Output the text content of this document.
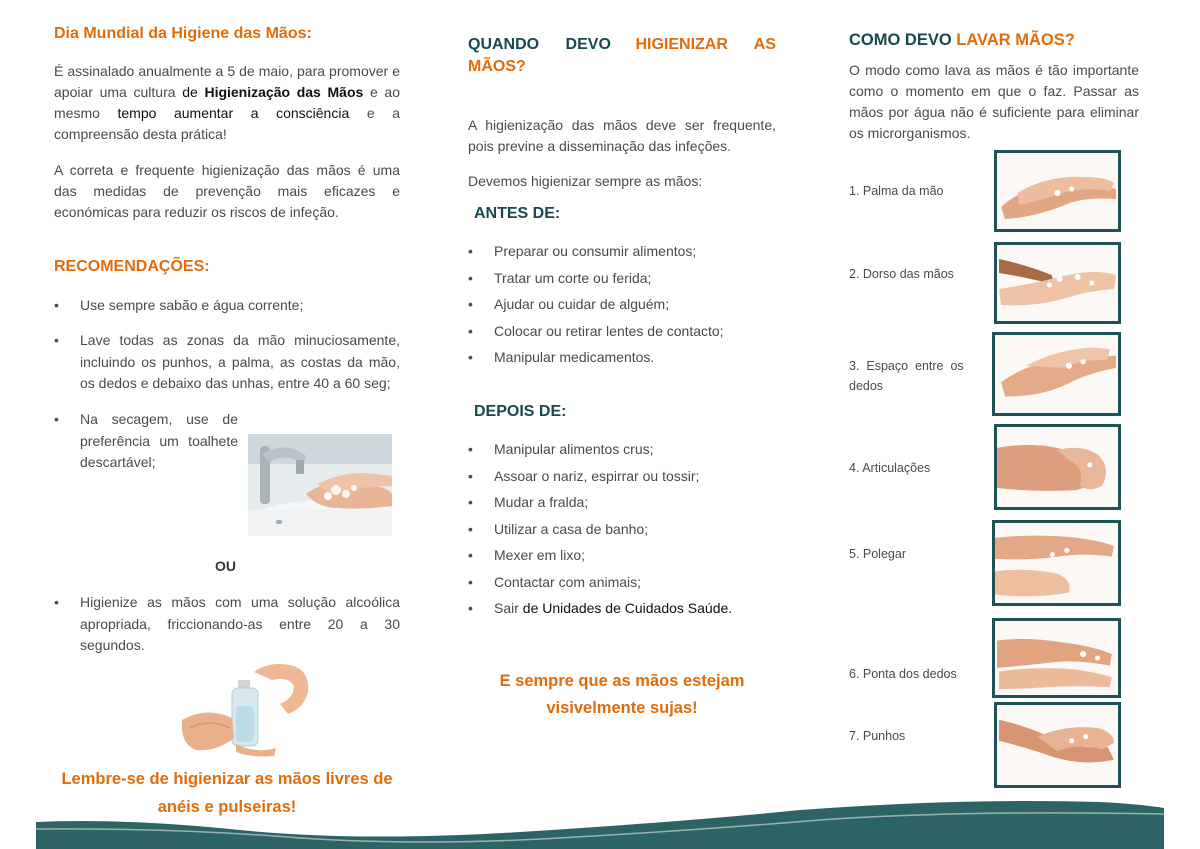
Dia Mundial da Higiene das Mãos:
É assinalado anualmente a 5 de maio, para promover e apoiar uma cultura de Higienização das Mãos e ao mesmo tempo aumentar a consciência e a compreensão desta prática!
A correta e frequente higienização das mãos é uma das medidas de prevenção mais eficazes e económicas para reduzir os riscos de infeção.
RECOMENDAÇÕES:
• Use sempre sabão e água corrente;
• Lave todas as zonas da mão minuciosamente, incluindo os punhos, a palma, as costas da mão, os dedos e debaixo das unhas, entre 40 a 60 seg;
• Na secagem, use de preferência um toalhete descartável;
OU
• Higienize as mãos com uma solução alcoólica apropriada, friccionando-as entre 20 a 30 segundos.
Lembre-se de higienizar as mãos livres de
anéis e pulseiras!
QUANDO DEVO HIGIENIZAR AS
MÃOS?
A higienização das mãos deve ser frequente, pois previne a disseminação das infeções.
Devemos higienizar sempre as mãos:
ANTES DE:
• Preparar ou consumir alimentos;
• Tratar um corte ou ferida;
• Ajudar ou cuidar de alguém;
• Colocar ou retirar lentes de contacto;
• Manipular medicamentos.
DEPOIS DE:
• Manipular alimentos crus;
• Assoar o nariz, espirrar ou tossir;
• Mudar a fralda;
• Utilizar a casa de banho;
• Mexer em lixo;
• Contactar com animais;
• Sair de Unidades de Cuidados Saúde.
E sempre que as mãos estejam
visivelmente sujas!
COMO DEVO LAVAR MÃOS?
O modo como lava as mãos é tão importante como o momento em que o faz. Passar as mãos por água não é suficiente para eliminar os microrganismos.
1. Palma da mão
2. Dorso das mãos
3.  Espaço  entre  os
dedos
4. Articulações
5. Polegar
6. Ponta dos dedos
7. Punhos
